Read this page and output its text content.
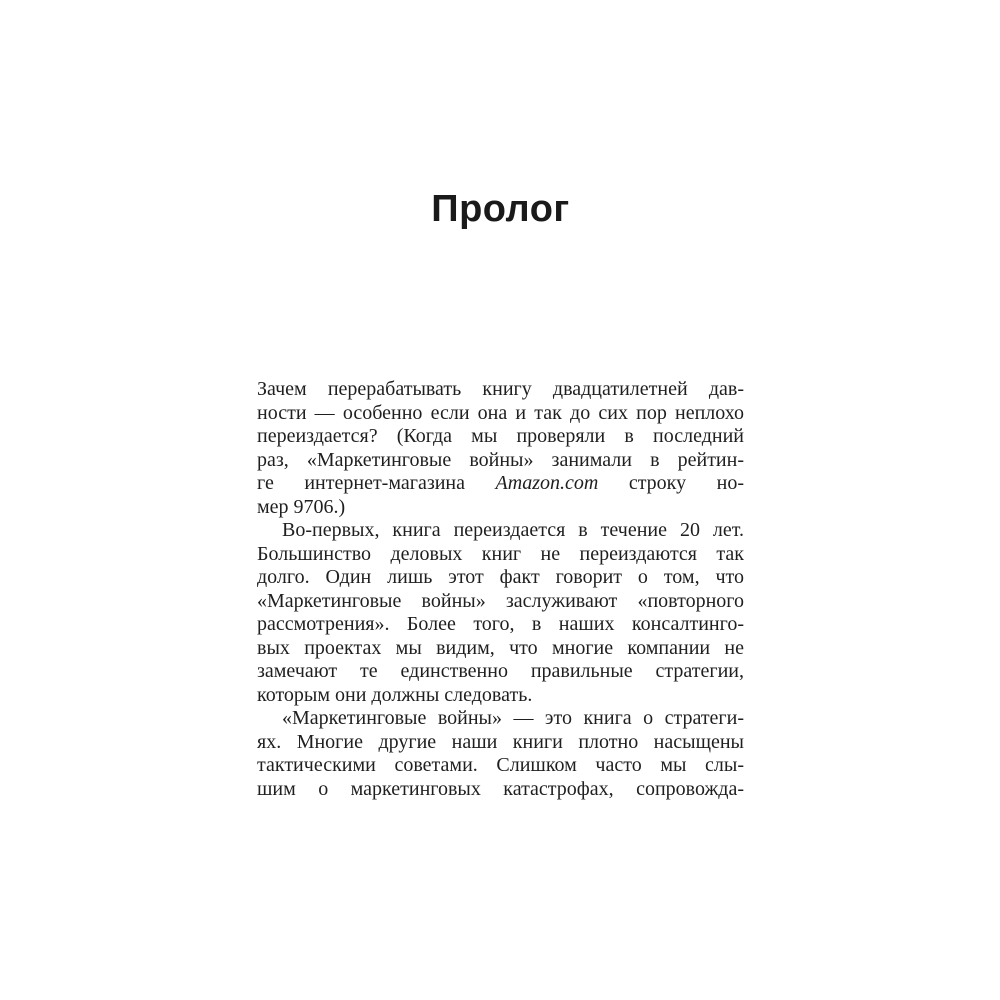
Пролог

Зачем перерабатывать книгу двадцатилетней дав-
ности — особенно если она и так до сих пор неплохо
переиздается? (Когда мы проверяли в последний
раз, «Маркетинговые войны» занимали в рейтин-
ге интернет-магазина Amazon.com строку но-
мер 9706.)

Во-первых, книга переиздается в течение 20 лет.
Большинство деловых книг не переиздаются так
долго. Один лишь этот факт говорит о том, что
«Маркетинговые войны» заслуживают «повторного
рассмотрения». Более того, в наших консалтинго-
вых проектах мы видим, что многие компании не
замечают те единственно правильные стратегии,
которым они должны следовать.

«Маркетинговые войны» — это книга о стратеги-
ях. Многие другие наши книги плотно насыщены
тактическими советами. Слишком часто мы слы-
шим о маркетинговых катастрофах, сопровожда-
